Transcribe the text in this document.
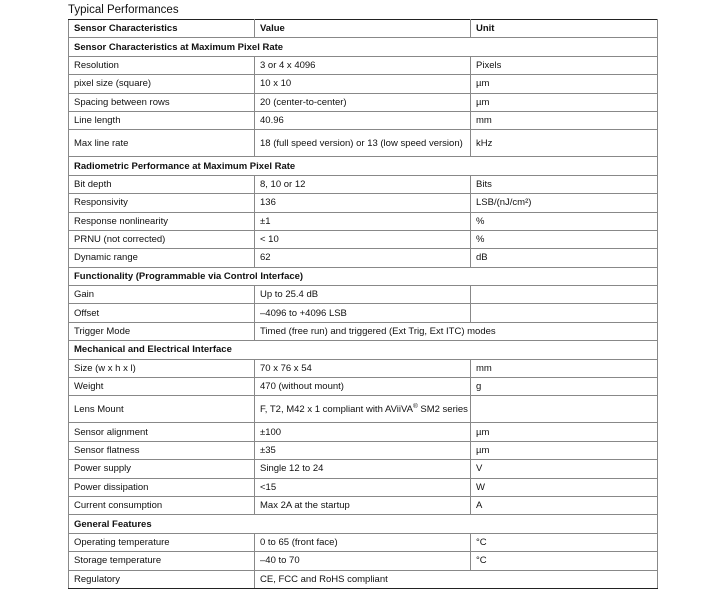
Typical Performances
Sensor Characteristics	Value	Unit
Sensor Characteristics at Maximum Pixel Rate		
Resolution	3 or 4 x 4096	Pixels
pixel size (square)	10 x 10	µm
Spacing between rows	20 (center-to-center)	µm
Line length	40.96	mm
Max line rate	18 (full speed version) or 13 (low speed version)	kHz
Radiometric Performance at Maximum Pixel Rate		
Bit depth	8, 10 or 12	Bits
Responsivity	136	LSB/(nJ/cm²)
Response nonlinearity	±1	%
PRNU (not corrected)	< 10	%
Dynamic range	62	dB
Functionality (Programmable via Control Interface)		
Gain	Up to 25.4 dB	
Offset	–4096 to +4096 LSB	
Trigger Mode	Timed (free run) and triggered (Ext Trig, Ext ITC) modes	
Mechanical and Electrical Interface		
Size (w x h x l)	70 x 76 x 54	mm
Weight	470 (without mount)	g
Lens Mount	F, T2, M42 x 1 compliant with AViiVA® SM2 series	
Sensor alignment	±100	µm
Sensor flatness	±35	µm
Power supply	Single 12 to 24	V
Power dissipation	<15	W
Current consumption	Max 2A at the startup	A
General Features		
Operating temperature	0 to 65 (front face)	°C
Storage temperature	–40 to 70	°C
Regulatory	CE, FCC and RoHS compliant	
